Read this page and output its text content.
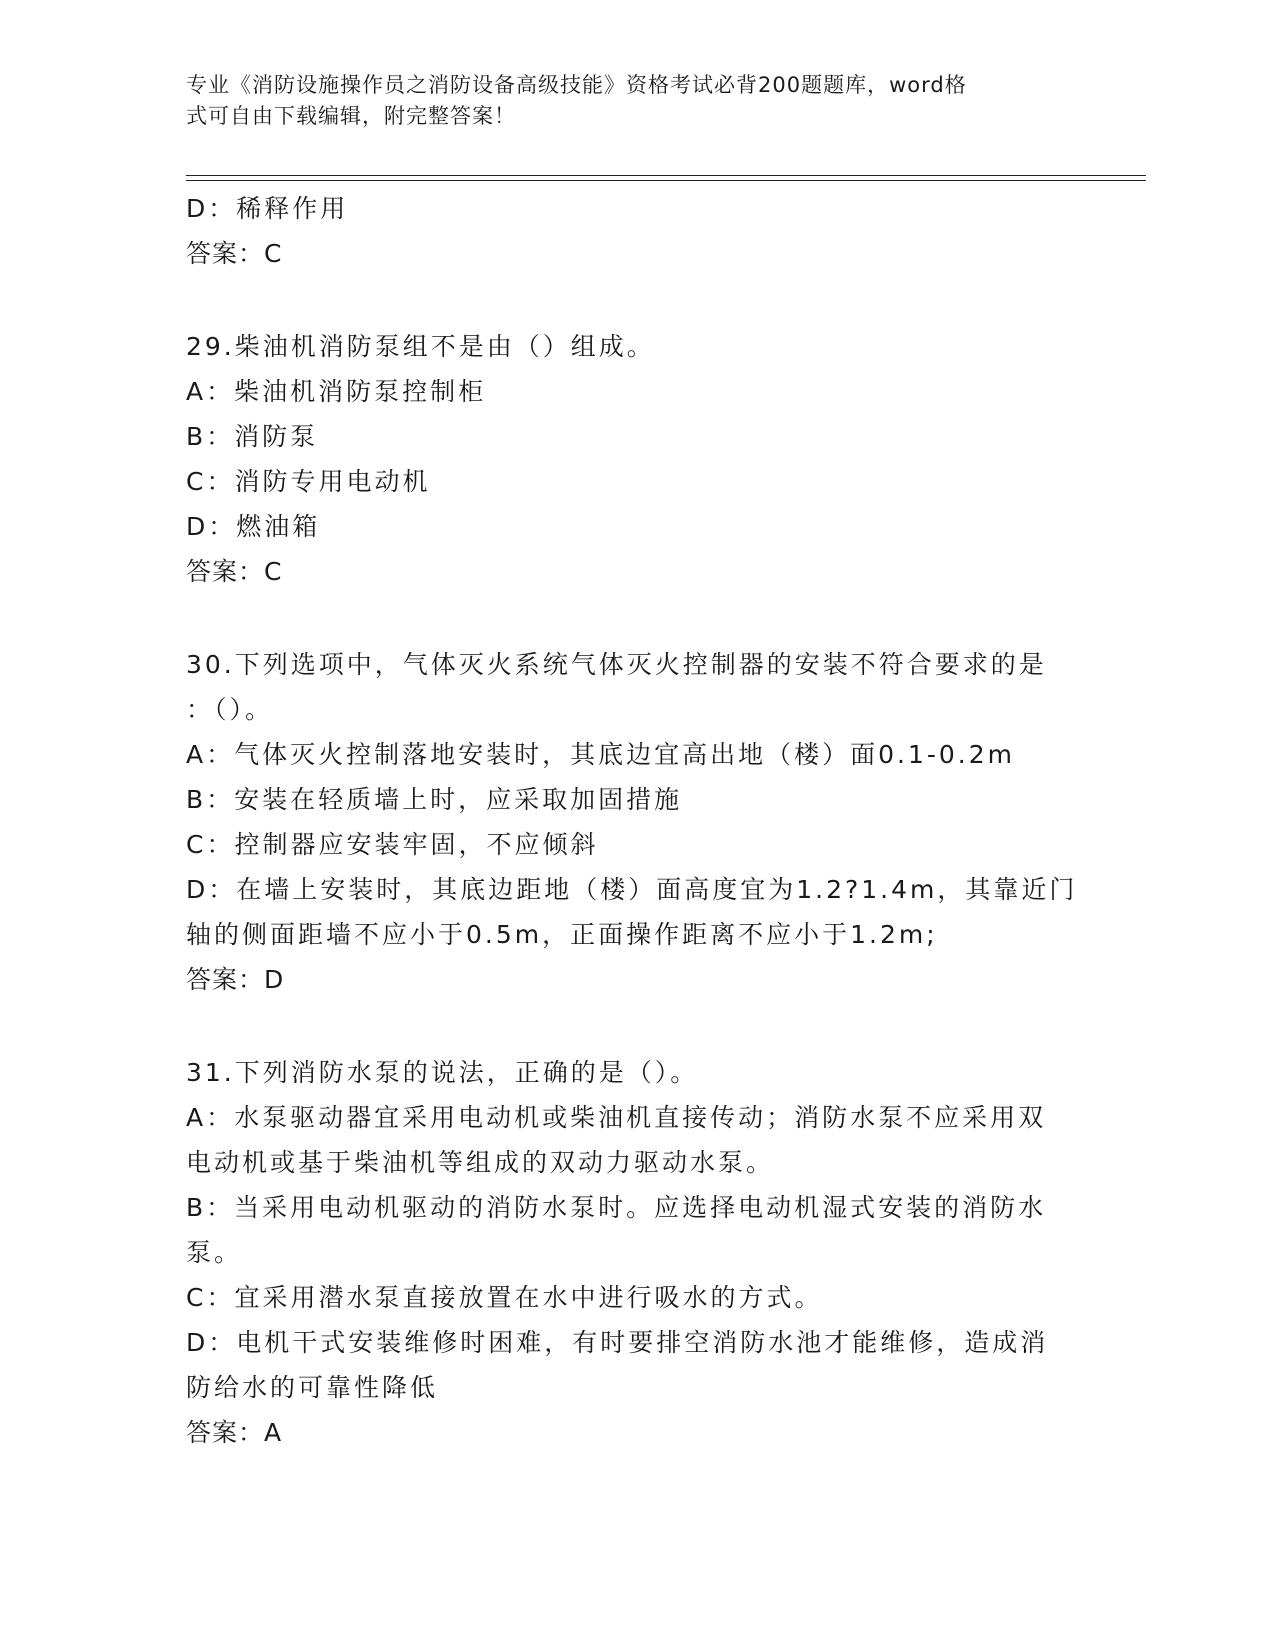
专业《消防设施操作员之消防设备高级技能》资格考试必背200题题库，word格
式可自由下载编辑，附完整答案！
D：稀释作用
答案：C
29.柴油机消防泵组不是由（）组成。
A：柴油机消防泵控制柜
B：消防泵
C：消防专用电动机
D：燃油箱
答案：C
30.下列选项中，气体灭火系统气体灭火控制器的安装不符合要求的是
：（）。
A：气体灭火控制落地安装时，其底边宜高出地（楼）面0.1-0.2m
B：安装在轻质墙上时，应采取加固措施
C：控制器应安装牢固，不应倾斜
D：在墙上安装时，其底边距地（楼）面高度宜为1.2?1.4m，其靠近门
轴的侧面距墙不应小于0.5m，正面操作距离不应小于1.2m;
答案：D
31.下列消防水泵的说法，正确的是（）。
A：水泵驱动器宜采用电动机或柴油机直接传动；消防水泵不应采用双
电动机或基于柴油机等组成的双动力驱动水泵。
B：当采用电动机驱动的消防水泵时。应选择电动机湿式安装的消防水
泵。
C：宜采用潜水泵直接放置在水中进行吸水的方式。
D：电机干式安装维修时困难，有时要排空消防水池才能维修，造成消
防给水的可靠性降低
答案：A
